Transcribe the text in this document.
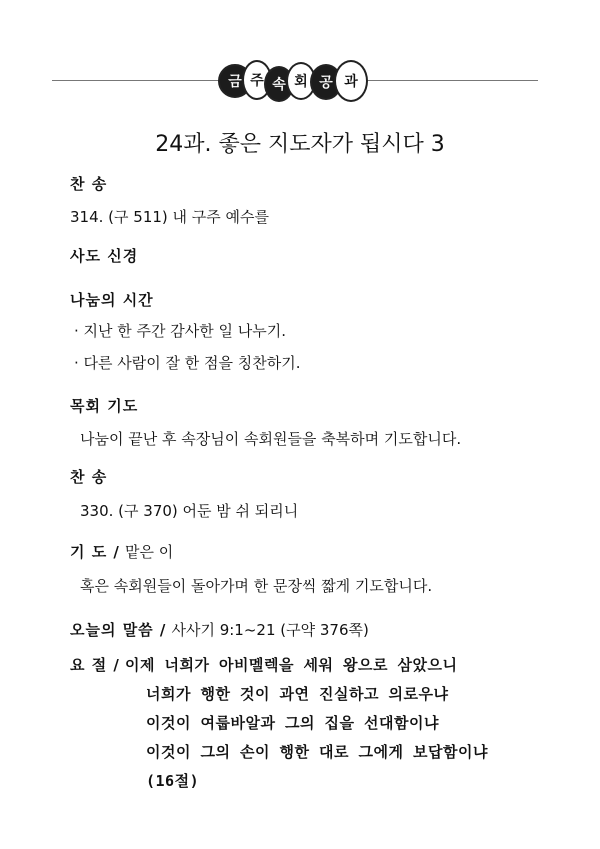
금 주 속 회 공 과
24과. 좋은 지도자가 됩시다 3
찬 송
314. (구 511) 내 구주 예수를
사도 신경
나눔의 시간
· 지난 한 주간 감사한 일 나누기.
· 다른 사람이 잘 한 점을 칭찬하기.
목회 기도
나눔이 끝난 후 속장님이 속회원들을 축복하며 기도합니다.
찬 송
330. (구 370) 어둔 밤 쉬 되리니
기 도 / 맡은 이
혹은 속회원들이 돌아가며 한 문장씩 짧게 기도합니다.
오늘의 말씀 / 사사기 9:1~21 (구약 376쪽)
요 절 / 이제 너희가 아비멜렉을 세워 왕으로 삼았으니
너희가 행한 것이 과연 진실하고 의로우냐
이것이 여룹바알과 그의 집을 선대함이냐
이것이 그의 손이 행한 대로 그에게 보답함이냐
(16절)
